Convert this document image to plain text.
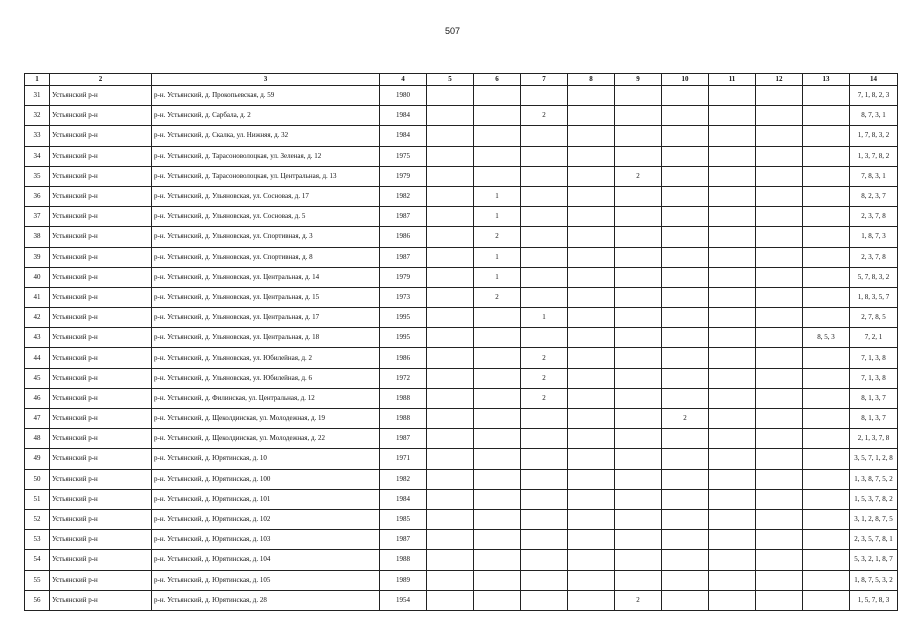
507
1	2	3	4	5	6	7	8	9	10	11	12	13	14
31	Устьянский р-н	р-н. Устьянский, д. Прокопьевская, д. 59	1980										7, 1, 8, 2, 3
32	Устьянский р-н	р-н. Устьянский, д. Сарбала, д. 2	1984			2							8, 7, 3, 1
33	Устьянский р-н	р-н. Устьянский, д. Скалка, ул. Нижняя, д. 32	1984										1, 7, 8, 3, 2
34	Устьянский р-н	р-н. Устьянский, д. Тарасоноволоцкая, ул. Зеленая, д. 12	1975										1, 3, 7, 8, 2
35	Устьянский р-н	р-н. Устьянский, д. Тарасоноволоцкая, ул. Центральная, д. 13	1979					2					7, 8, 3, 1
36	Устьянский р-н	р-н. Устьянский, д. Ульяновская, ул. Сосновая, д. 17	1982		1								8, 2, 3, 7
37	Устьянский р-н	р-н. Устьянский, д. Ульяновская, ул. Сосновая, д. 5	1987		1								2, 3, 7, 8
38	Устьянский р-н	р-н. Устьянский, д. Ульяновская, ул. Спортивная, д. 3	1986		2								1, 8, 7, 3
39	Устьянский р-н	р-н. Устьянский, д. Ульяновская, ул. Спортивная, д. 8	1987		1								2, 3, 7, 8
40	Устьянский р-н	р-н. Устьянский, д. Ульяновская, ул. Центральная, д. 14	1979		1								5, 7, 8, 3, 2
41	Устьянский р-н	р-н. Устьянский, д. Ульяновская, ул. Центральная, д. 15	1973		2								1, 8, 3, 5, 7
42	Устьянский р-н	р-н. Устьянский, д. Ульяновская, ул. Центральная, д. 17	1995			1							2, 7, 8, 5
43	Устьянский р-н	р-н. Устьянский, д. Ульяновская, ул. Центральная, д. 18	1995									8, 5, 3	7, 2, 1
44	Устьянский р-н	р-н. Устьянский, д. Ульяновская, ул. Юбилейная, д. 2	1986			2							7, 1, 3, 8
45	Устьянский р-н	р-н. Устьянский, д. Ульяновская, ул. Юбилейная, д. 6	1972			2							7, 1, 3, 8
46	Устьянский р-н	р-н. Устьянский, д. Филинская, ул. Центральная, д. 12	1988			2							8, 1, 3, 7
47	Устьянский р-н	р-н. Устьянский, д. Щеколдинская, ул. Молодежная, д. 19	1988						2				8, 1, 3, 7
48	Устьянский р-н	р-н. Устьянский, д. Щеколдинская, ул. Молодежная, д. 22	1987										2, 1, 3, 7, 8
49	Устьянский р-н	р-н. Устьянский, д. Юрятинская, д. 10	1971										3, 5, 7, 1, 2, 8
50	Устьянский р-н	р-н. Устьянский, д. Юрятинская, д. 100	1982										1, 3, 8, 7, 5, 2
51	Устьянский р-н	р-н. Устьянский, д. Юрятинская, д. 101	1984										1, 5, 3, 7, 8, 2
52	Устьянский р-н	р-н. Устьянский, д. Юрятинская, д. 102	1985										3, 1, 2, 8, 7, 5
53	Устьянский р-н	р-н. Устьянский, д. Юрятинская, д. 103	1987										2, 3, 5, 7, 8, 1
54	Устьянский р-н	р-н. Устьянский, д. Юрятинская, д. 104	1988										5, 3, 2, 1, 8, 7
55	Устьянский р-н	р-н. Устьянский, д. Юрятинская, д. 105	1989										1, 8, 7, 5, 3, 2
56	Устьянский р-н	р-н. Устьянский, д. Юрятинская, д. 28	1954					2					1, 5, 7, 8, 3
